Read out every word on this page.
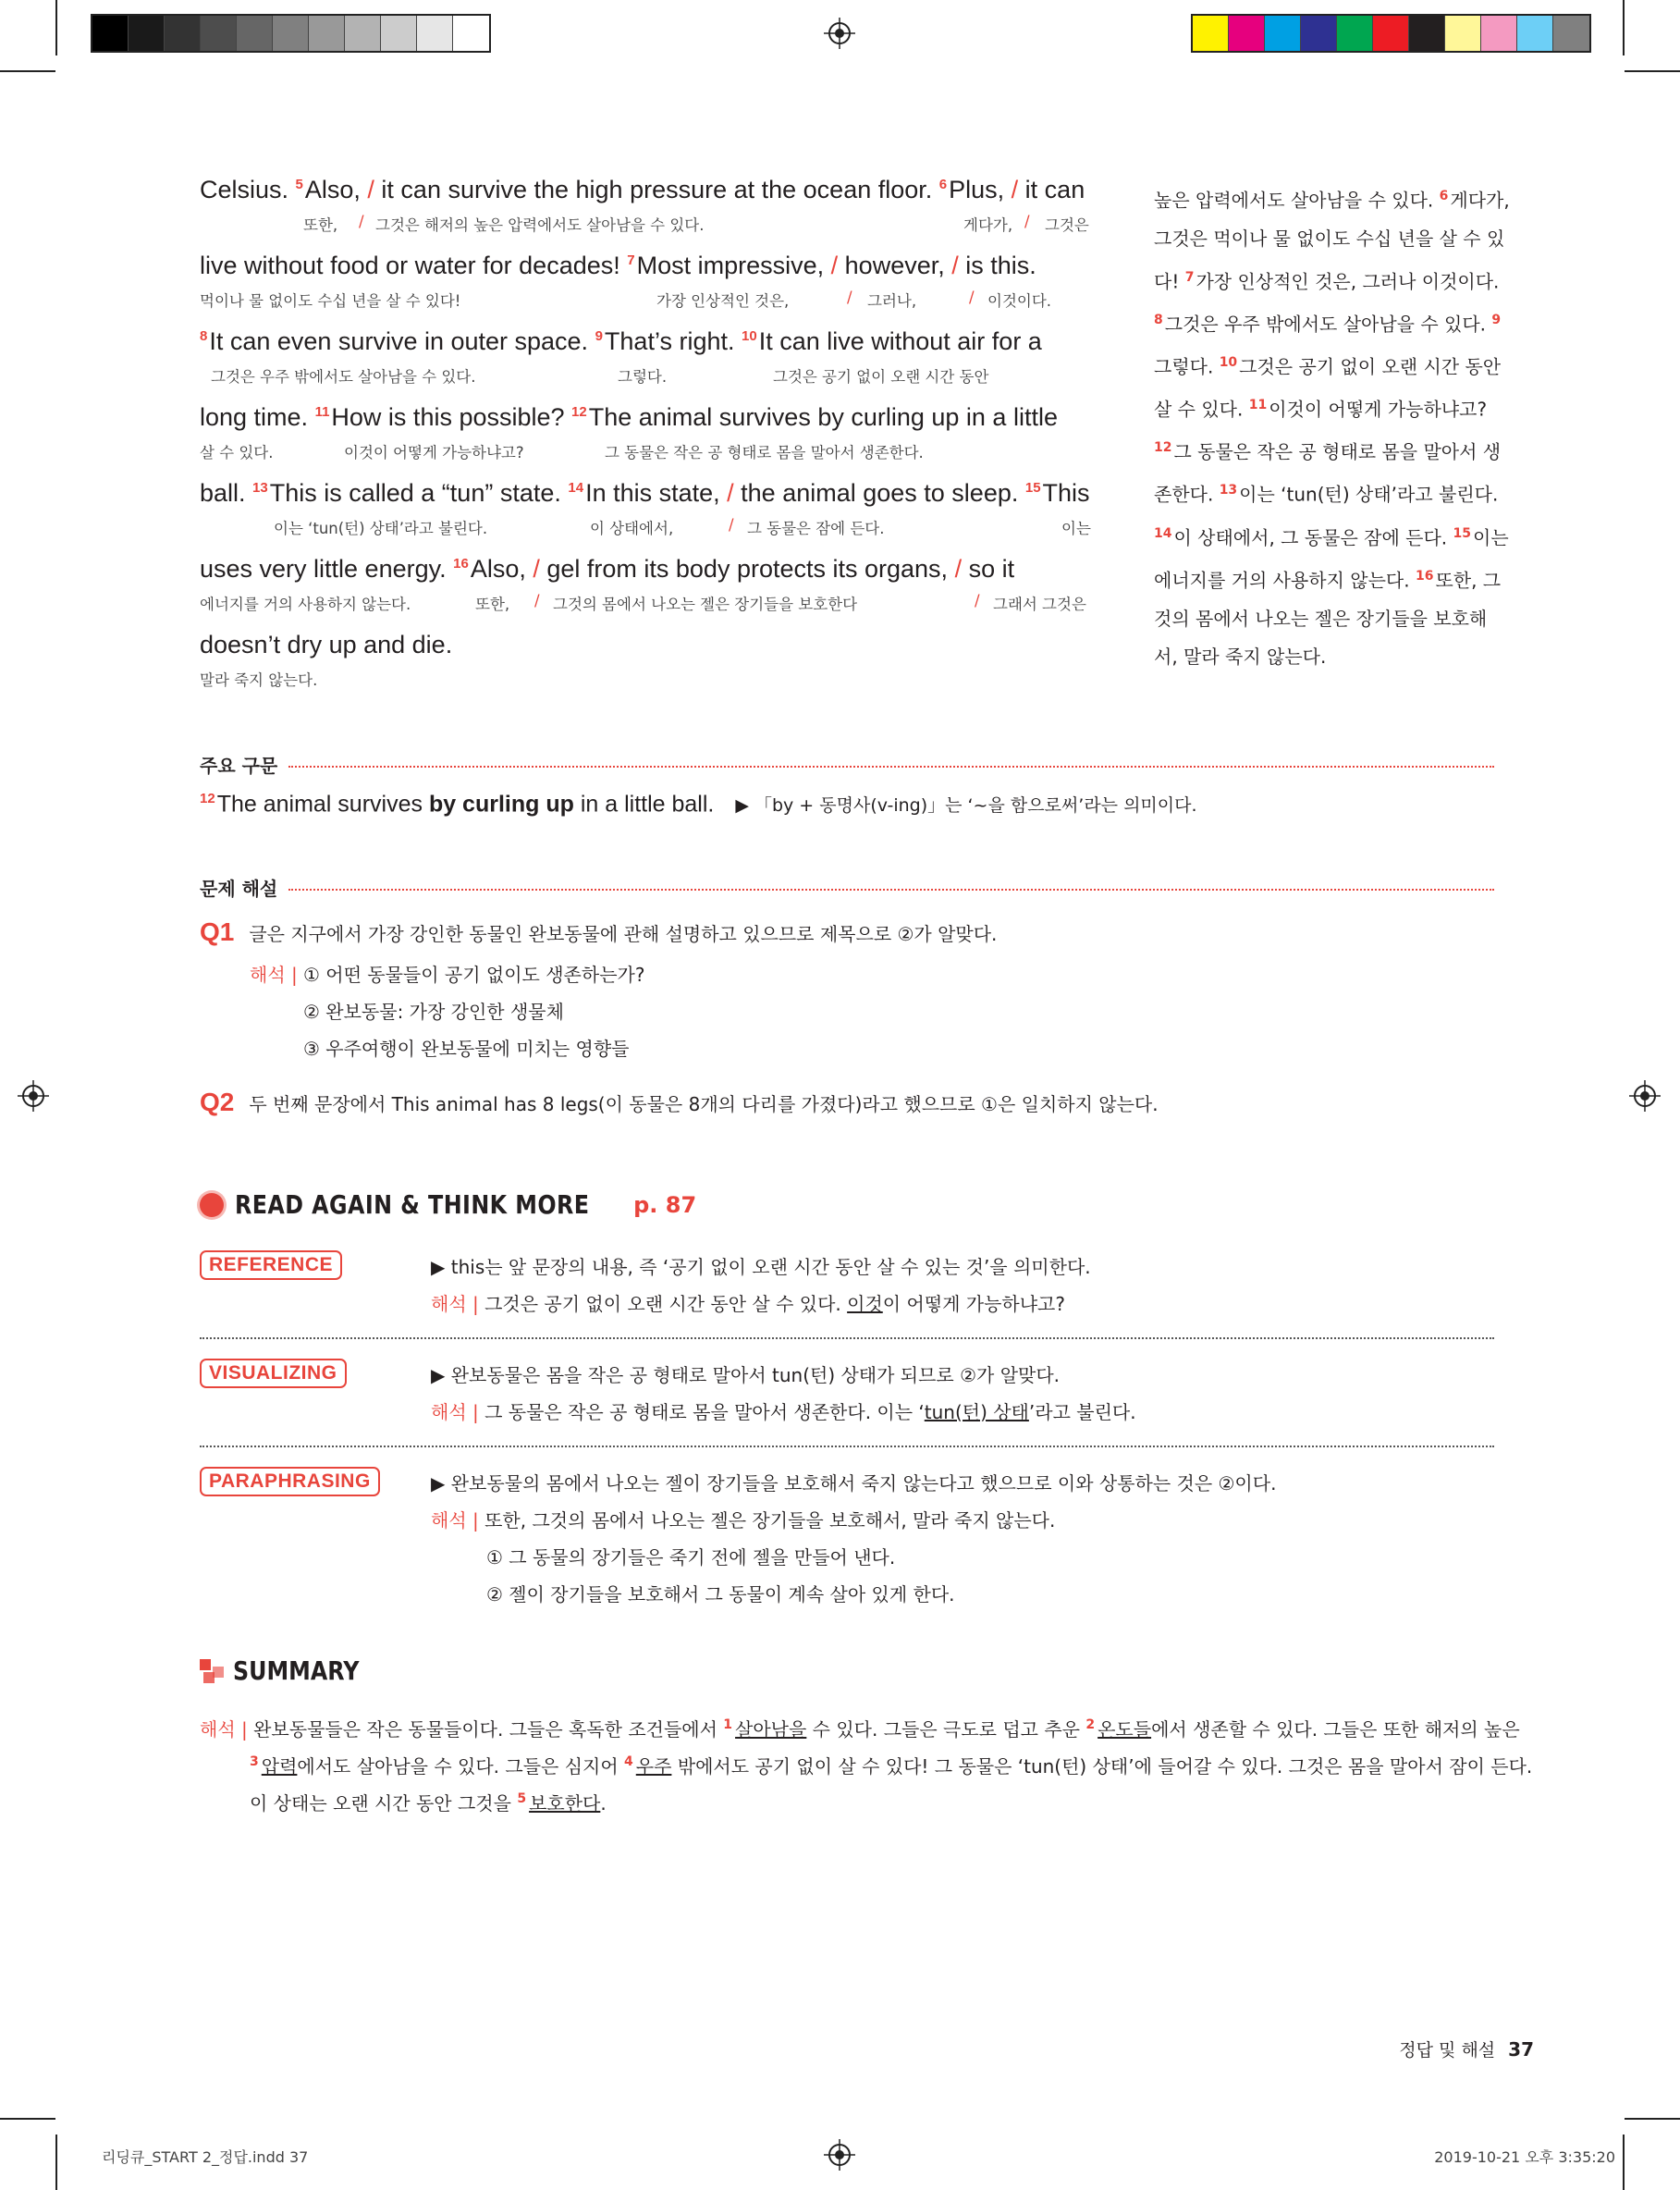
Celsius. $^5$Also, / it can survive the high pressure at the ocean floor. $^6$Plus, / it can
또한, / 그것은 해저의 높은 압력에서도 살아남을 수 있다.	게다가, / 그것은
live without food or water for decades! $^7$Most impressive, / however, / is this.
먹이나 물 없이도 수십 년을 살 수 있다!	가장 인상적인 것은,	/ 그러나,	/ 이것이다.
$^8$It can even survive in outer space. $^9$That’s right. $^{10}$It can live without air for a
그것은 우주 밖에서도 살아남을 수 있다.	그렇다.	그것은 공기 없이 오랜 시간 동안
long time. $^{11}$How is this possible? $^{12}$The animal survives by curling up in a little
살 수 있다.	이것이 어떻게 가능하냐고?	그 동물은 작은 공 형태로 몸을 말아서 생존한다.
ball. $^{13}$This is called a “tun” state. $^{14}$In this state, / the animal goes to sleep. $^{15}$This
이는 ‘tun(턴) 상태’라고 불린다.	이 상태에서,	/ 그 동물은 잠에 든다.	이는
uses very little energy. $^{16}$Also, / gel from its body protects its organs, / so it
에너지를 거의 사용하지 않는다.	또한, / 그것의 몸에서 나오는 젤은 장기들을 보호한다	/ 그래서 그것은
doesn’t dry up and die.
말라 죽지 않는다.
높은 압력에서도 살아남을 수 있다. $^6$ 게다가, 그것은 먹이나 물 없이도 수십 년을 살 수 있다! $^7$ 가장 인상적인 것은, 그러나 이것이다. $^8$ 그것은 우주 밖에서도 살아남을 수 있다. $^9$그렇다. $^{10}$ 그것은 공기 없이 오랜 시간 동안 살 수 있다. $^{11}$ 이것이 어떻게 가능하냐고? $^{12}$ 그 동물은 작은 공 형태로 몸을 말아서 생존한다. $^{13}$ 이는 ‘tun(턴) 상태’라고 불린다. $^{14}$ 이 상태에서, 그 동물은 잠에 든다. $^{15}$ 이는 에너지를 거의 사용하지 않는다. $^{16}$ 또한, 그것의 몸에서 나오는 젤은 장기들을 보호해서, 말라 죽지 않는다.
주요 구문
$^{12}$The animal survives by curling up in a little ball. ▶ 「by + 동명사(v-ing)」는 ‘~을 함으로써’라는 의미이다.
문제 해설
Q1 글은 지구에서 가장 강인한 동물인 완보동물에 관해 설명하고 있으므로 제목으로 ②가 알맞다.
해석 | ① 어떤 동물들이 공기 없이도 생존하는가?
② 완보동물: 가장 강인한 생물체
③ 우주여행이 완보동물에 미치는 영향들
Q2 두 번째 문장에서 This animal has 8 legs(이 동물은 8개의 다리를 가졌다)라고 했으므로 ①은 일치하지 않는다.
READ AGAIN & THINK MORE p. 87
REFERENCE	▶ this는 앞 문장의 내용, 즉 ‘공기 없이 오랜 시간 동안 살 수 있는 것’을 의미한다.
해석 | 그것은 공기 없이 오랜 시간 동안 살 수 있다. 이것이 어떻게 가능하냐고?
VISUALIZING	▶ 완보동물은 몸을 작은 공 형태로 말아서 tun(턴) 상태가 되므로 ②가 알맞다.
해석 | 그 동물은 작은 공 형태로 몸을 말아서 생존한다. 이는 ‘tun(턴) 상태’라고 불린다.
PARAPHRASING	▶ 완보동물의 몸에서 나오는 젤이 장기들을 보호해서 죽지 않는다고 했으므로 이와 상통하는 것은 ②이다.
해석 | 또한, 그것의 몸에서 나오는 젤은 장기들을 보호해서, 말라 죽지 않는다.
① 그 동물의 장기들은 죽기 전에 젤을 만들어 낸다.
② 젤이 장기들을 보호해서 그 동물이 계속 살아 있게 한다.
SUMMARY
해석 | 완보동물들은 작은 동물들이다. 그들은 혹독한 조건들에서 $^1$ 살아남을 수 있다. 그들은 극도로 덥고 추운 $^2$ 온도들에서 생존할 수 있다. 그들은 또한 해저의 높은
$^3$ 압력에서도 살아남을 수 있다. 그들은 심지어 $^4$ 우주 밖에서도 공기 없이 살 수 있다! 그 동물은 ‘tun(턴) 상태’에 들어갈 수 있다. 그것은 몸을 말아서 잠이 든다.
이 상태는 오랜 시간 동안 그것을 $^5$ 보호한다.
정답 및 해설 37
리딩큐_START 2_정답.indd 37	2019-10-21 오후 3:35:20
